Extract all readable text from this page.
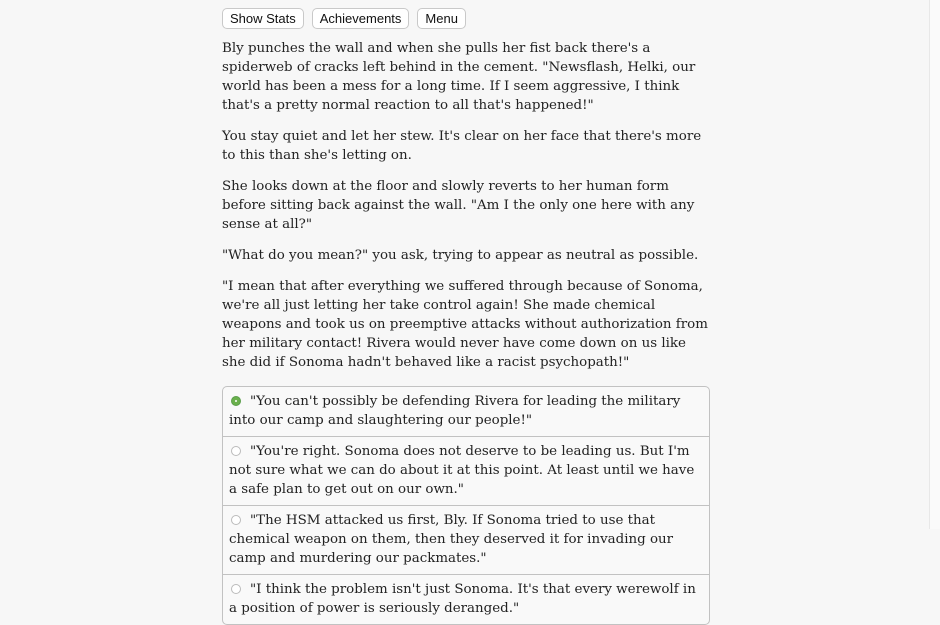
Show Stats	Achievements	Menu

Bly punches the wall and when she pulls her fist back there's a spiderweb of cracks left behind in the cement. "Newsflash, Helki, our world has been a mess for a long time. If I seem aggressive, I think that's a pretty normal reaction to all that's happened!"

You stay quiet and let her stew. It's clear on her face that there's more to this than she's letting on.

She looks down at the floor and slowly reverts to her human form before sitting back against the wall. "Am I the only one here with any sense at all?"

"What do you mean?" you ask, trying to appear as neutral as possible.

"I mean that after everything we suffered through because of Sonoma, we're all just letting her take control again! She made chemical weapons and took us on preemptive attacks without authorization from her military contact! Rivera would never have come down on us like she did if Sonoma hadn't behaved like a racist psychopath!"

"You can't possibly be defending Rivera for leading the military into our camp and slaughtering our people!"
"You're right. Sonoma does not deserve to be leading us. But I'm not sure what we can do about it at this point. At least until we have a safe plan to get out on our own."
"The HSM attacked us first, Bly. If Sonoma tried to use that chemical weapon on them, then they deserved it for invading our camp and murdering our packmates."
"I think the problem isn't just Sonoma. It's that every werewolf in a position of power is seriously deranged."
